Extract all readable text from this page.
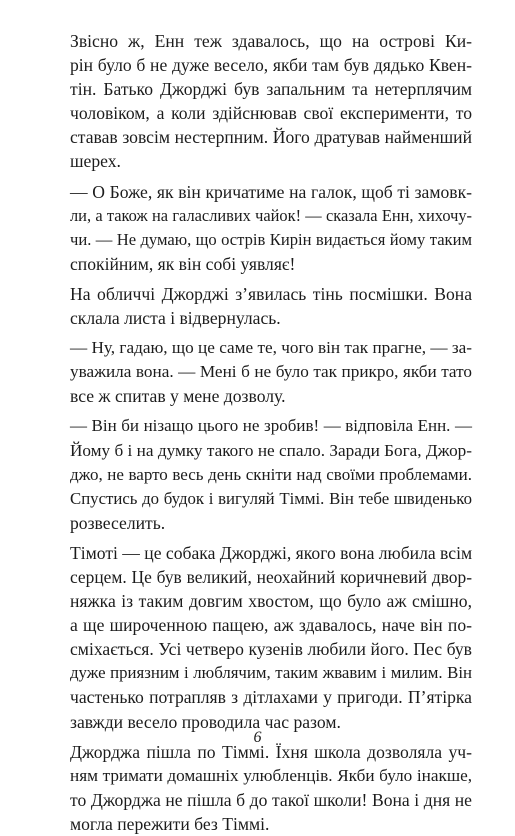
Звісно ж, Енн теж здавалось, що на острові Ки-
рін було б не дуже весело, якби там був дядько Квен-
тін. Батько Джорджі був запальним та нетерплячим
чоловіком, а коли здійснював свої експерименти, то
ставав зовсім нестерпним. Його дратував найменший
шерех.
— О Боже, як він кричатиме на галок, щоб ті замовк-
ли, а також на галасливих чайок! — сказала Енн, хихочу-
чи. — Не думаю, що острів Кирін видається йому таким
спокійним, як він собі уявляє!
На обличчі Джорджі з’явилась тінь посмішки. Вона
склала листа і відвернулась.
— Ну, гадаю, що це саме те, чого він так прагне, — за-
уважила вона. — Мені б не було так прикро, якби тато
все ж спитав у мене дозволу.
— Він би нізащо цього не зробив! — відповіла Енн. —
Йому б і на думку такого не спало. Заради Бога, Джор-
джо, не варто весь день скніти над своїми проблемами.
Спустись до будок і вигуляй Тіммі. Він тебе швиденько
розвеселить.
Тімоті — це собака Джорджі, якого вона любила всім
серцем. Це був великий, неохайний коричневий двор-
няжка із таким довгим хвостом, що було аж смішно,
а ще широченною пащею, аж здавалось, наче він по-
сміхається. Усі четверо кузенів любили його. Пес був
дуже приязним і люблячим, таким жвавим і милим. Він
частенько потрапляв з дітлахами у пригоди. П’ятірка
завжди весело проводила час разом.
Джорджа пішла по Тіммі. Їхня школа дозволяла уч-
ням тримати домашніх улюбленців. Якби було інакше,
то Джорджа не пішла б до такої школи! Вона і дня не
могла пережити без Тіммі.
6
